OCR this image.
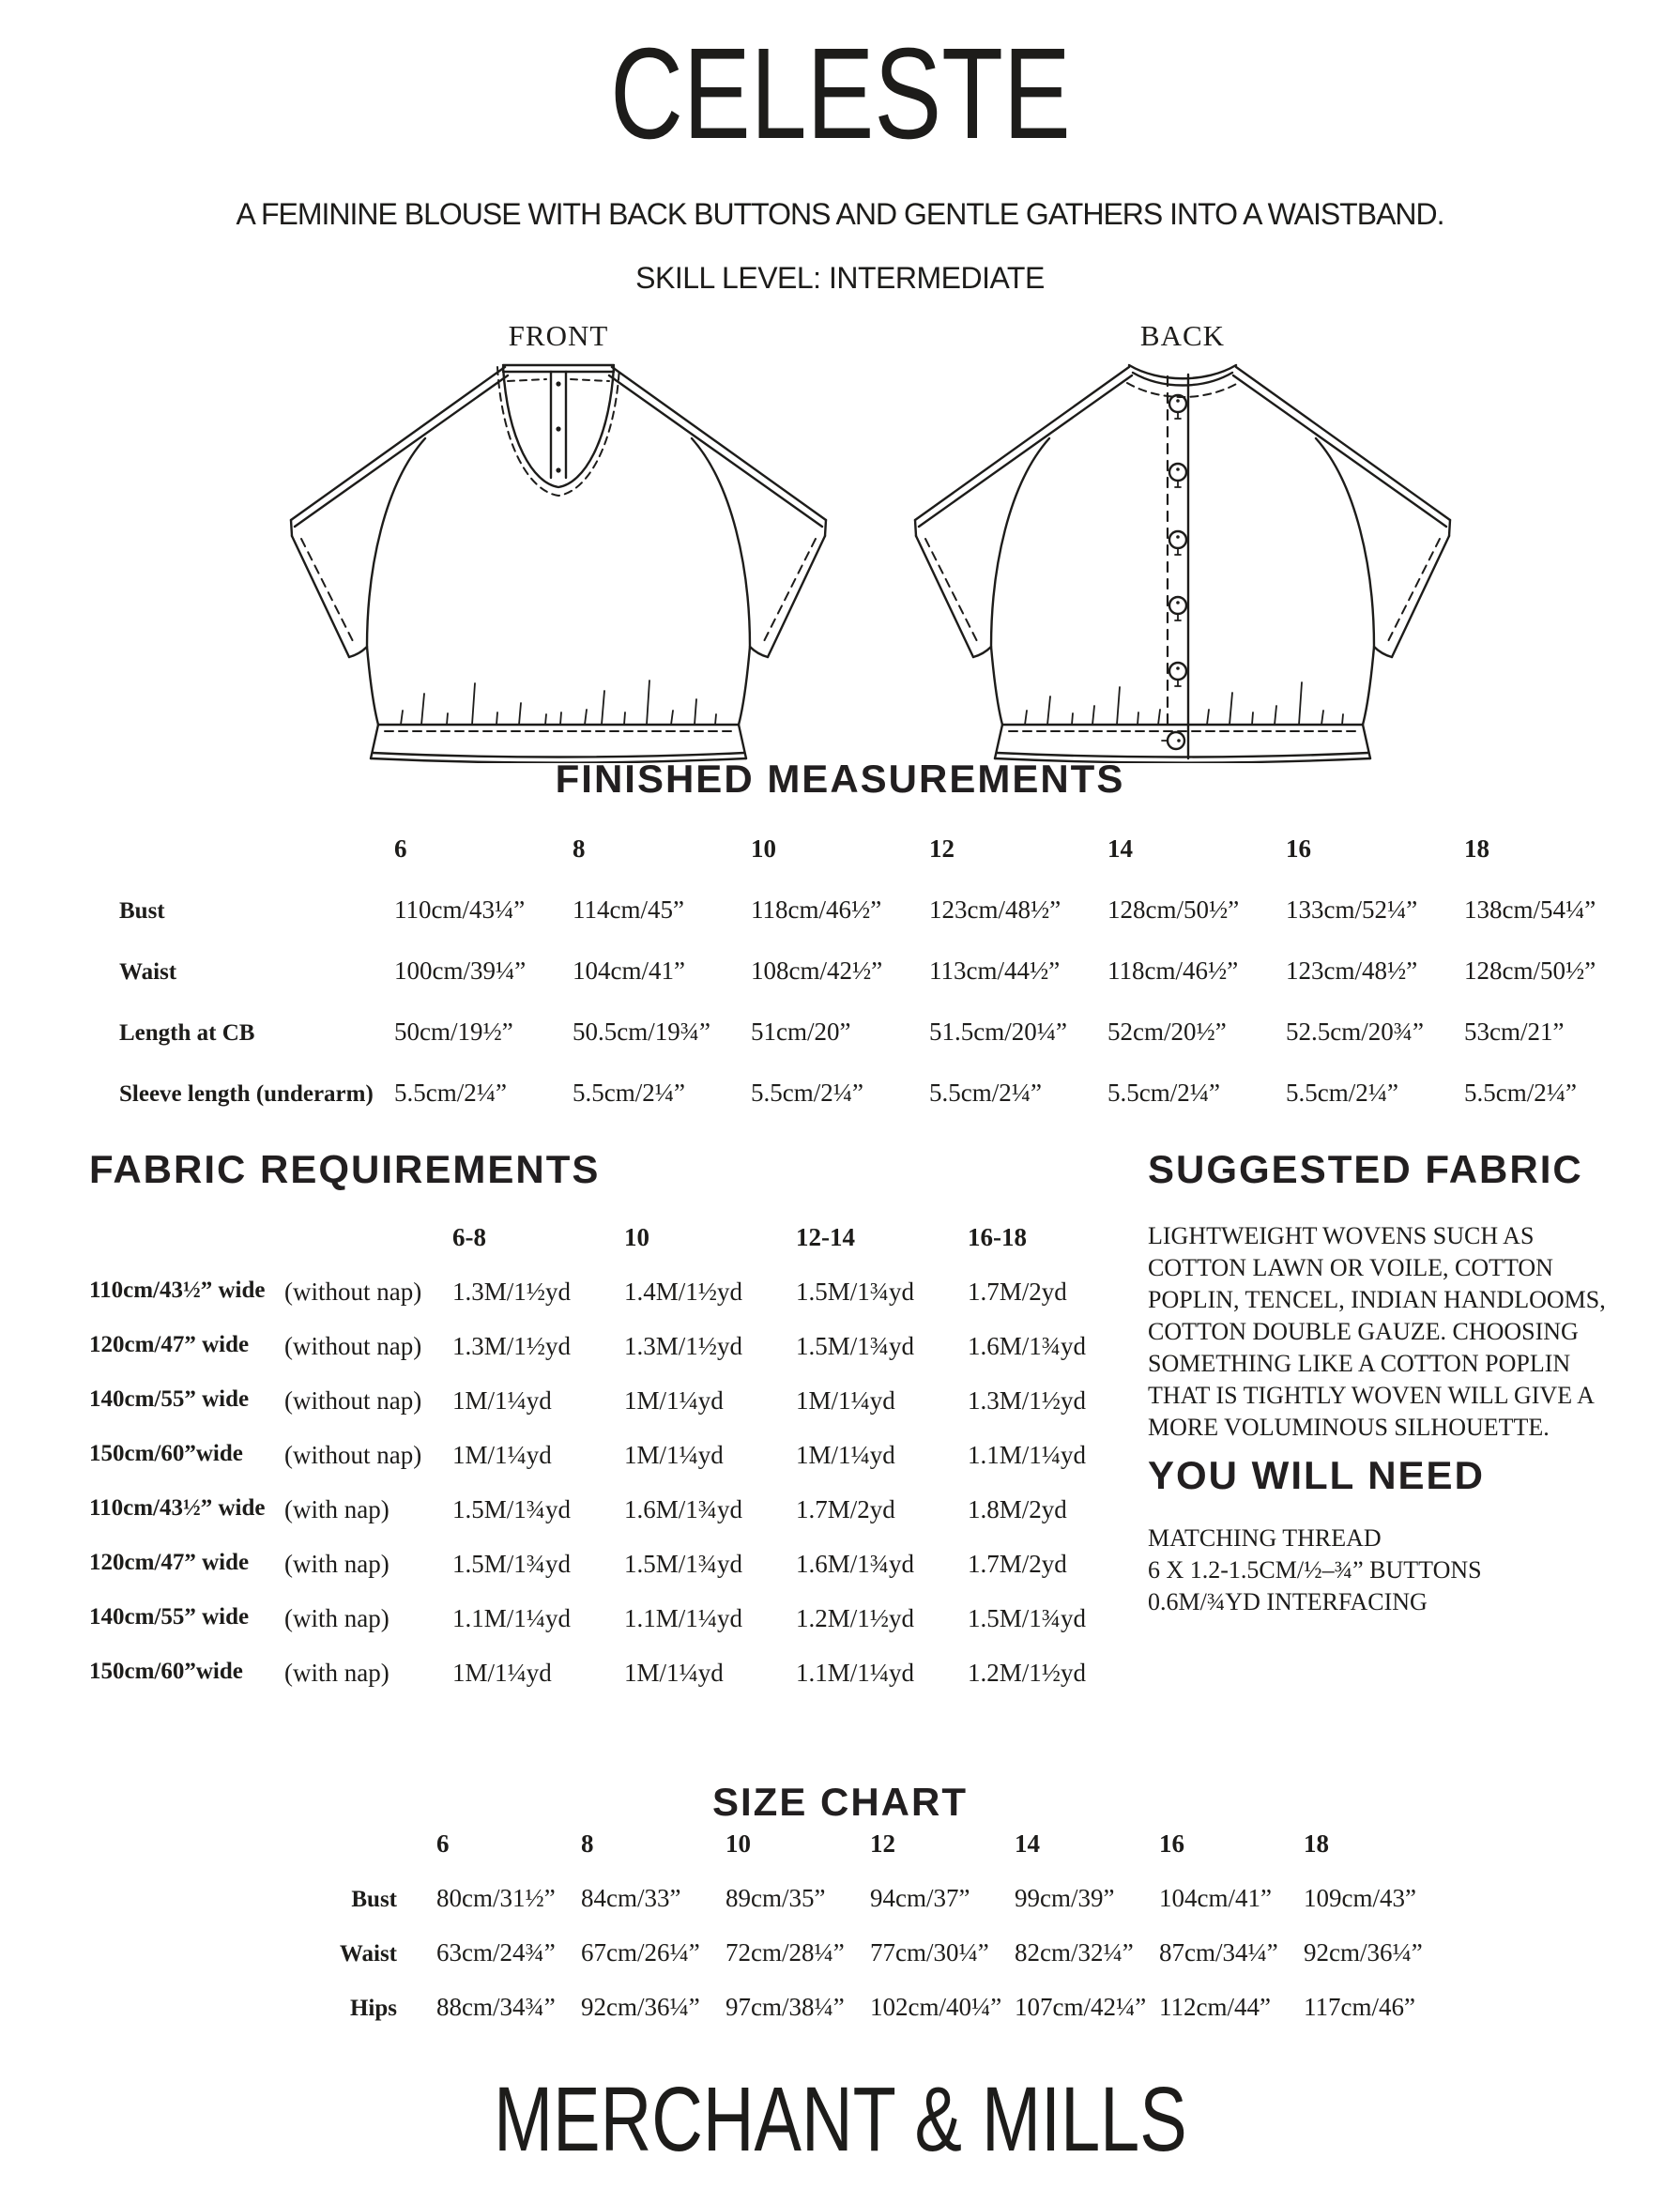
CELESTE
A FEMININE BLOUSE WITH BACK BUTTONS AND GENTLE GATHERS INTO A WAISTBAND.
SKILL LEVEL: INTERMEDIATE
FRONT	BACK
FINISHED MEASUREMENTS
6	8	10	12	14	16	18
Bust	110cm/43¼”	114cm/45”	118cm/46½”	123cm/48½”	128cm/50½”	133cm/52¼”	138cm/54¼”
Waist	100cm/39¼”	104cm/41”	108cm/42½”	113cm/44½”	118cm/46½”	123cm/48½”	128cm/50½”
Length at CB	50cm/19½”	50.5cm/19¾”	51cm/20”	51.5cm/20¼”	52cm/20½”	52.5cm/20¾”	53cm/21”
Sleeve length (underarm) 5.5cm/2¼”	5.5cm/2¼”	5.5cm/2¼”	5.5cm/2¼”	5.5cm/2¼”	5.5cm/2¼”	5.5cm/2¼”
FABRIC REQUIREMENTS
6-8	10	12-14	16-18
110cm/43½” wide (without nap) 1.3M/1½yd	1.4M/1½yd	1.5M/1¾yd	1.7M/2yd
120cm/47” wide	(without nap) 1.3M/1½yd	1.3M/1½yd	1.5M/1¾yd	1.6M/1¾yd
140cm/55” wide	(without nap) 1M/1¼yd	1M/1¼yd	1M/1¼yd	1.3M/1½yd
150cm/60”wide	(without nap) 1M/1¼yd	1M/1¼yd	1M/1¼yd	1.1M/1¼yd
110cm/43½” wide (with nap) 1.5M/1¾yd	1.6M/1¾yd	1.7M/2yd	1.8M/2yd
120cm/47” wide	(with nap) 1.5M/1¾yd	1.5M/1¾yd	1.6M/1¾yd	1.7M/2yd
140cm/55” wide	(with nap) 1.1M/1¼yd	1.1M/1¼yd	1.2M/1½yd	1.5M/1¾yd
150cm/60”wide	(with nap) 1M/1¼yd	1M/1¼yd	1.1M/1¼yd	1.2M/1½yd
SUGGESTED FABRIC
LIGHTWEIGHT WOVENS SUCH AS
COTTON LAWN OR VOILE, COTTON
POPLIN, TENCEL, INDIAN HANDLOOMS,
COTTON DOUBLE GAUZE. CHOOSING
SOMETHING LIKE A COTTON POPLIN
THAT IS TIGHTLY WOVEN WILL GIVE A
MORE VOLUMINOUS SILHOUETTE.
YOU WILL NEED
MATCHING THREAD
6 X 1.2-1.5CM/½–¾” BUTTONS
0.6M/¾YD INTERFACING
SIZE CHART
6	8	10	12	14	16	18
Bust	80cm/31½”	84cm/33”	89cm/35”	94cm/37”	99cm/39”	104cm/41”	109cm/43”
Waist	63cm/24¾”	67cm/26¼”	72cm/28¼”	77cm/30¼”	82cm/32¼”	87cm/34¼”	92cm/36¼”
Hips	88cm/34¾”	92cm/36¼”	97cm/38¼”	102cm/40¼” 107cm/42¼” 112cm/44”	117cm/46”
MERCHANT & MILLS
